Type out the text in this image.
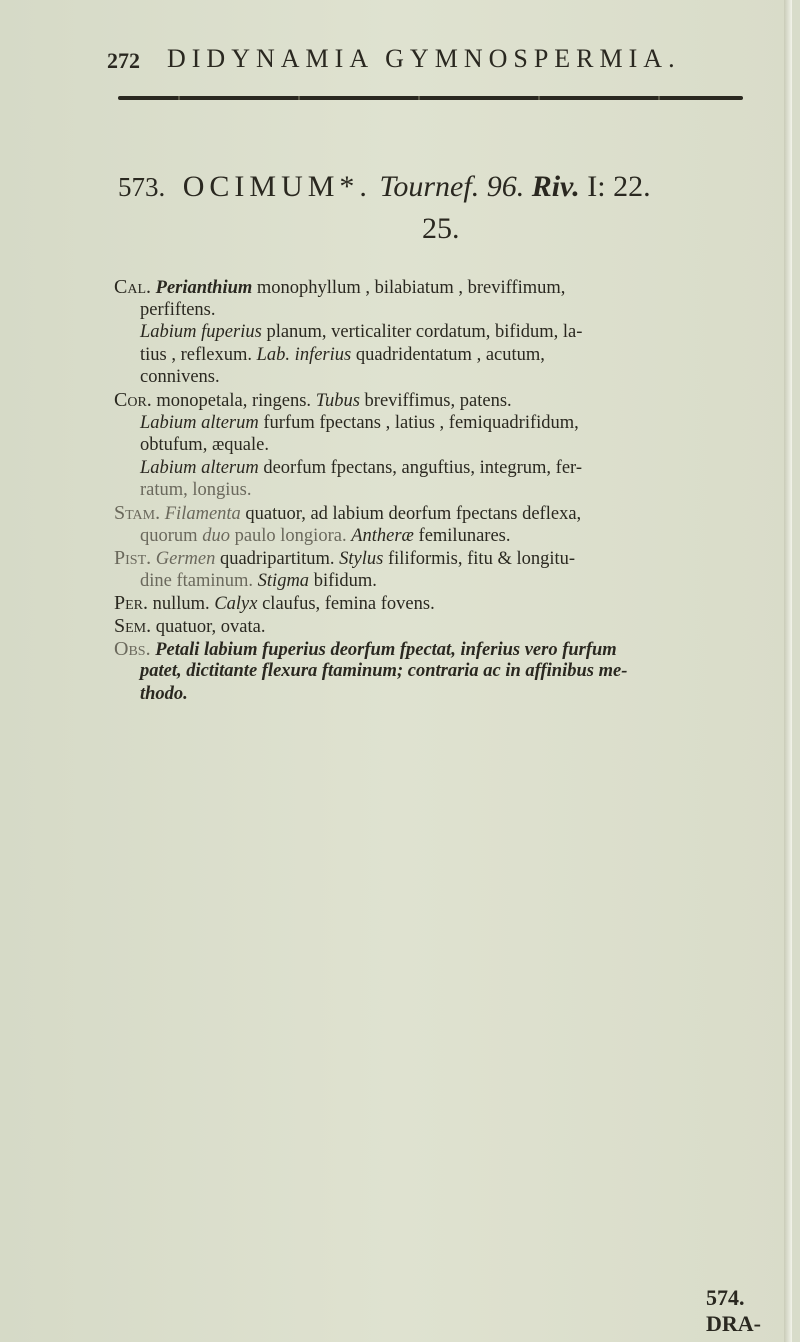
272 DIDYNAMIA GYMNOSPERMIA.
573. OCIMUM*. Tournef. 96. Riv. I: 22.
25.
Cal. Perianthium monophyllum , bilabiatum , breviffimum,
perfiftens.
Labium fuperius planum, verticaliter cordatum, bifidum, la-
tius , reflexum. Lab. inferius quadridentatum , acutum,
connivens.
Cor. monopetala, ringens. Tubus breviffimus, patens.
Labium alterum furfum fpectans , latius , femiquadrifidum,
obtufum, æquale.
Labium alterum deorfum fpectans, anguftius, integrum, fer-
ratum, longius.
Stam. Filamenta quatuor, ad labium deorfum fpectans deflexa,
quorum duo paulo longiora. Antheræ femilunares.
Pist. Germen quadripartitum. Stylus filiformis, fitu & longitu-
dine ftaminum. Stigma bifidum.
Per. nullum. Calyx claufus, femina fovens.
Sem. quatuor, ovata.
Obs. Petali labium fuperius deorfum fpectat, inferius vero furfum
patet, dictitante flexura ftaminum; contraria ac in affinibus me-
thodo.
574. DRA-
